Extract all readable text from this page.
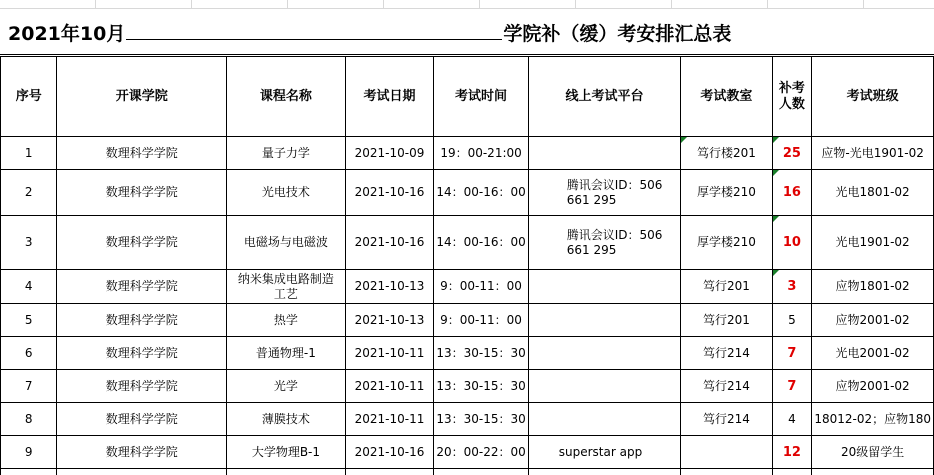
2021年10月	学院补（缓）考安排汇总表
序号	开课学院	课程名称	考试日期	考试时间	线上考试平台	考试教室	补考人数	考试班级
1	数理科学学院	量子力学	2021-10-09	19：00-21:00		笃行楼201	25	应物-光电1901-02
2	数理科学学院	光电技术	2021-10-16	14：00-16：00	腾讯会议ID：506 661 295	厚学楼210	16	光电1801-02
3	数理科学学院	电磁场与电磁波	2021-10-16	14：00-16：00	腾讯会议ID：506 661 295	厚学楼210	10	光电1901-02
4	数理科学学院	纳米集成电路制造工艺	2021-10-13	9：00-11：00		笃行201	3	应物1801-02
5	数理科学学院	热学	2021-10-13	9：00-11：00		笃行201	5	应物2001-02
6	数理科学学院	普通物理-1	2021-10-11	13：30-15：30		笃行214	7	光电2001-02
7	数理科学学院	光学	2021-10-11	13：30-15：30		笃行214	7	应物2001-02
8	数理科学学院	薄膜技术	2021-10-11	13：30-15：30		笃行214	4	18012-02；应物180
9	数理科学学院	大学物理B-1	2021-10-16	20：00-22：00	superstar app		12	20级留学生
